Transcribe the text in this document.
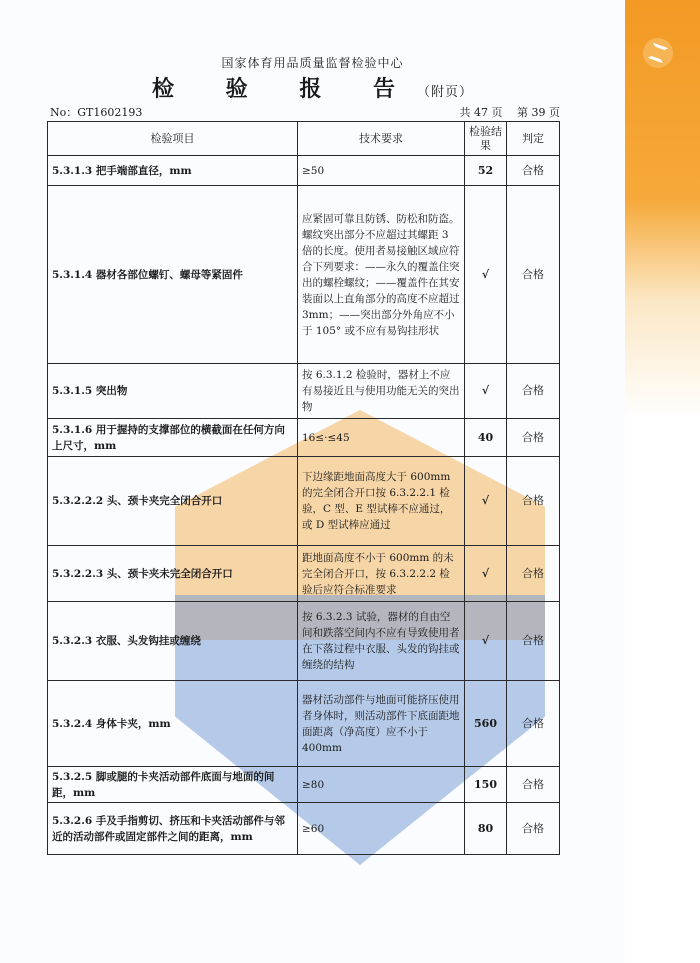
国家体育用品质量监督检验中心
检 验 报 告（附页）
No：GT1602193	共 47 页　 第 39 页
检验项目	技术要求	检验结果	判定
5.3.1.3 把手端部直径，mm	≥50	52	合格
5.3.1.4 器材各部位螺钉、螺母等紧固件	应紧固可靠且防锈、防松和防盗。螺纹突出部分不应超过其螺距 3 倍的长度。使用者易接触区域应符合下列要求：——永久的覆盖住突出的螺栓螺纹；——覆盖件在其安装面以上直角部分的高度不应超过 3mm；——突出部分外角应不小于 105° 或不应有易钩挂形状	√	合格
5.3.1.5 突出物	按 6.3.1.2 检验时，器材上不应有易接近且与使用功能无关的突出物	√	合格
5.3.1.6 用于握持的支撑部位的横截面在任何方向上尺寸，mm	16≤·≤45	40	合格
5.3.2.2.2 头、颈卡夹完全闭合开口	下边缘距地面高度大于 600mm 的完全闭合开口按 6.3.2.2.1 检验，C 型、E 型试棒不应通过，或 D 型试棒应通过	√	合格
5.3.2.2.3 头、颈卡夹未完全闭合开口	距地面高度不小于 600mm 的未完全闭合开口，按 6.3.2.2.2 检验后应符合标准要求	√	合格
5.3.2.3 衣服、头发钩挂或缠绕	按 6.3.2.3 试验，器材的自由空间和跌落空间内不应有导致使用者在下落过程中衣服、头发的钩挂或缠绕的结构	√	合格
5.3.2.4 身体卡夹，mm	器材活动部件与地面可能挤压使用者身体时，则活动部件下底面距地面距离（净高度）应不小于 400mm	560	合格
5.3.2.5 脚或腿的卡夹活动部件底面与地面的间距，mm	≥80	150	合格
5.3.2.6 手及手指剪切、挤压和卡夹活动部件与邻近的活动部件或固定部件之间的距离，mm	≥60	80	合格
